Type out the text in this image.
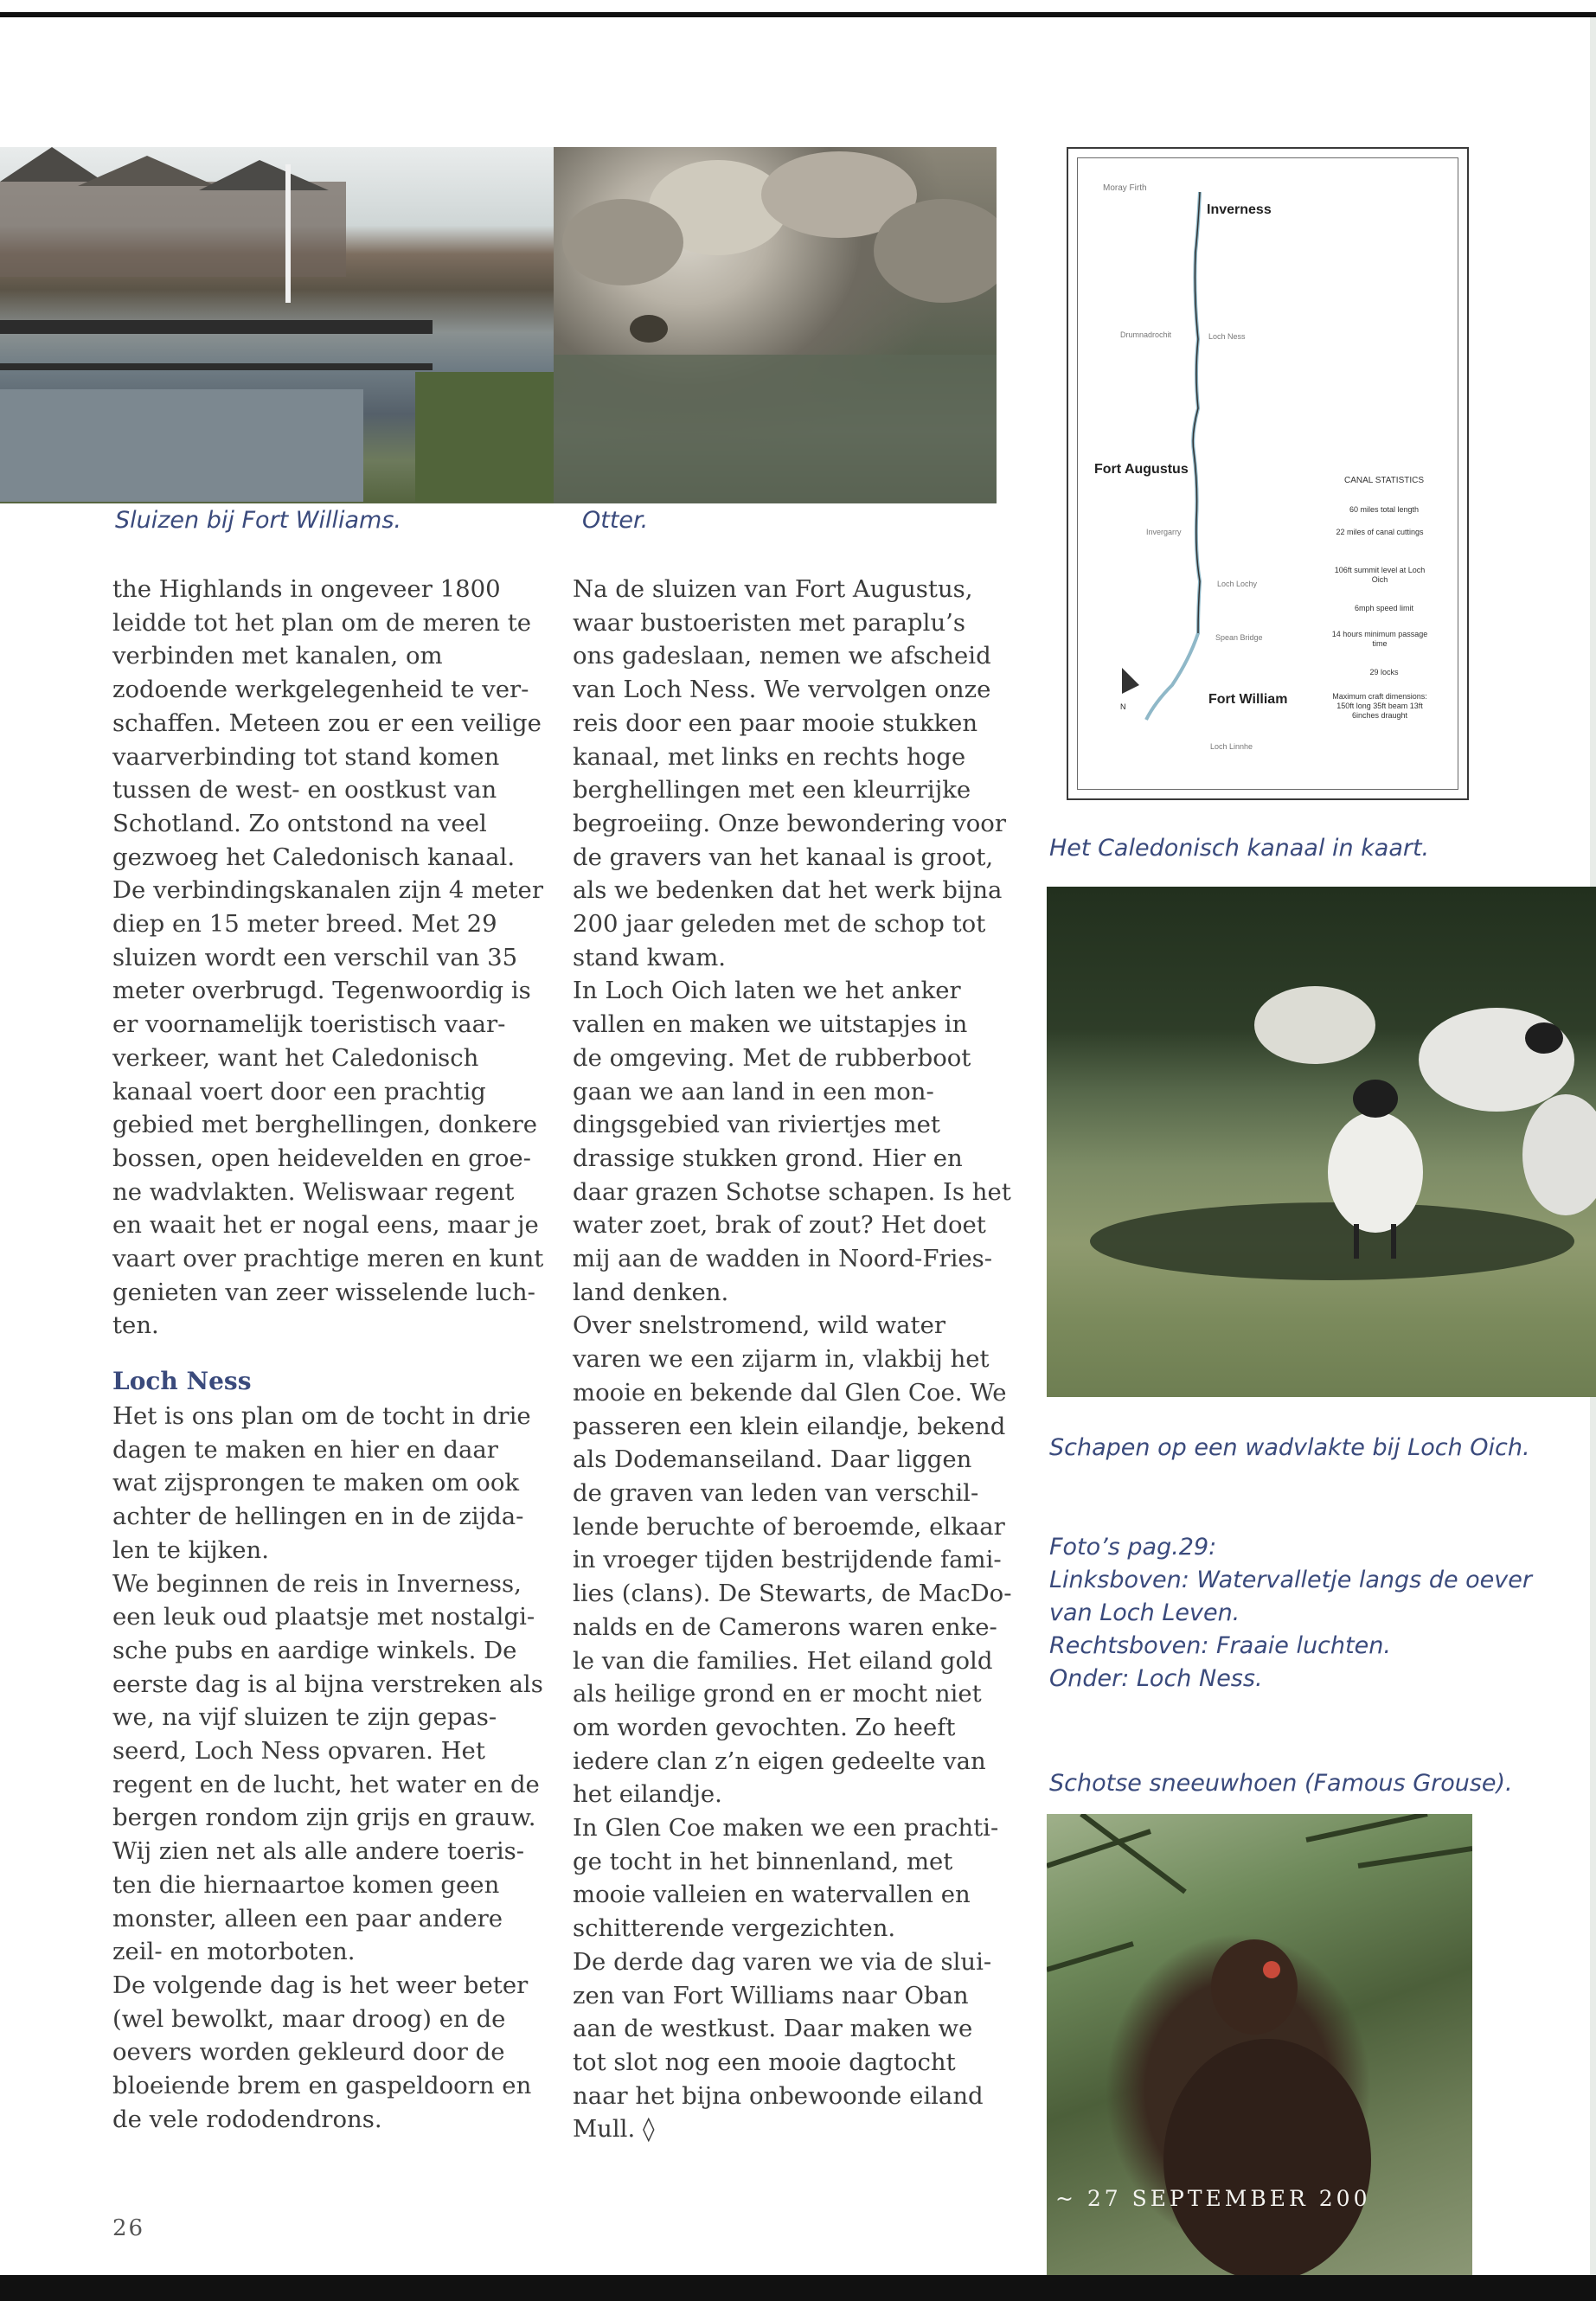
Sluizen bij Fort Williams.	Otter.

Moray Firth

Inverness

Drumnadrochit	Loch Ness

Fort Augustus

Invergarry

Loch Lochy

Spean Bridge

Fort William

Loch Linnhe

N

CANAL STATISTICS

60 miles total length

22 miles of canal cuttings

106ft summit level at Loch Oich

6mph speed limit

14 hours minimum passage time

29 locks

Maximum craft dimensions: 150ft long 35ft beam 13ft 6inches draught

Het Caledonisch kanaal in kaart.

Schapen op een wadvlakte bij Loch Oich.

Foto’s pag.29:

Linksboven: Watervalletje langs de oever van Loch Leven.

Rechtsboven: Fraaie luchten.

Onder: Loch Ness.

Schotse sneeuwhoen (Famous Grouse).

~ 27 SEPTEMBER 200

the Highlands in ongeveer 1800
leidde tot het plan om de meren te
verbinden met kanalen, om
zodoende werkgelegenheid te ver-
schaffen. Meteen zou er een veilige
vaarverbinding tot stand komen
tussen de west- en oostkust van
Schotland. Zo ontstond na veel
gezwoeg het Caledonisch kanaal.
De verbindingskanalen zijn 4 meter
diep en 15 meter breed. Met 29
sluizen wordt een verschil van 35
meter overbrugd. Tegenwoordig is
er voornamelijk toeristisch vaar-
verkeer, want het Caledonisch
kanaal voert door een prachtig
gebied met berghellingen, donkere
bossen, open heidevelden en groe-
ne wadvlakten. Weliswaar regent
en waait het er nogal eens, maar je
vaart over prachtige meren en kunt
genieten van zeer wisselende luch-
ten.

Loch Ness

Het is ons plan om de tocht in drie
dagen te maken en hier en daar
wat zijsprongen te maken om ook
achter de hellingen en in de zijda-
len te kijken.
We beginnen de reis in Inverness,
een leuk oud plaatsje met nostalgi-
sche pubs en aardige winkels. De
eerste dag is al bijna verstreken als
we, na vijf sluizen te zijn gepas-
seerd, Loch Ness opvaren. Het
regent en de lucht, het water en de
bergen rondom zijn grijs en grauw.
Wij zien net als alle andere toeris-
ten die hiernaartoe komen geen
monster, alleen een paar andere
zeil- en motorboten.
De volgende dag is het weer beter
(wel bewolkt, maar droog) en de
oevers worden gekleurd door de
bloeiende brem en gaspeldoorn en
de vele rododendrons.

Na de sluizen van Fort Augustus,
waar bustoeristen met paraplu’s
ons gadeslaan, nemen we afscheid
van Loch Ness. We vervolgen onze
reis door een paar mooie stukken
kanaal, met links en rechts hoge
berghellingen met een kleurrijke
begroeiing. Onze bewondering voor
de gravers van het kanaal is groot,
als we bedenken dat het werk bijna
200 jaar geleden met de schop tot
stand kwam.
In Loch Oich laten we het anker
vallen en maken we uitstapjes in
de omgeving. Met de rubberboot
gaan we aan land in een mon-
dingsgebied van riviertjes met
drassige stukken grond. Hier en
daar grazen Schotse schapen. Is het
water zoet, brak of zout? Het doet
mij aan de wadden in Noord-Fries-
land denken.
Over snelstromend, wild water
varen we een zijarm in, vlakbij het
mooie en bekende dal Glen Coe. We
passeren een klein eilandje, bekend
als Dodemanseiland. Daar liggen
de graven van leden van verschil-
lende beruchte of beroemde, elkaar
in vroeger tijden bestrijdende fami-
lies (clans). De Stewarts, de MacDo-
nalds en de Camerons waren enke-
le van die families. Het eiland gold
als heilige grond en er mocht niet
om worden gevochten. Zo heeft
iedere clan z’n eigen gedeelte van
het eilandje.
In Glen Coe maken we een prachti-
ge tocht in het binnenland, met
mooie valleien en watervallen en
schitterende vergezichten.
De derde dag varen we via de slui-
zen van Fort Williams naar Oban
aan de westkust. Daar maken we
tot slot nog een mooie dagtocht
naar het bijna onbewoonde eiland
Mull. ◊

26
